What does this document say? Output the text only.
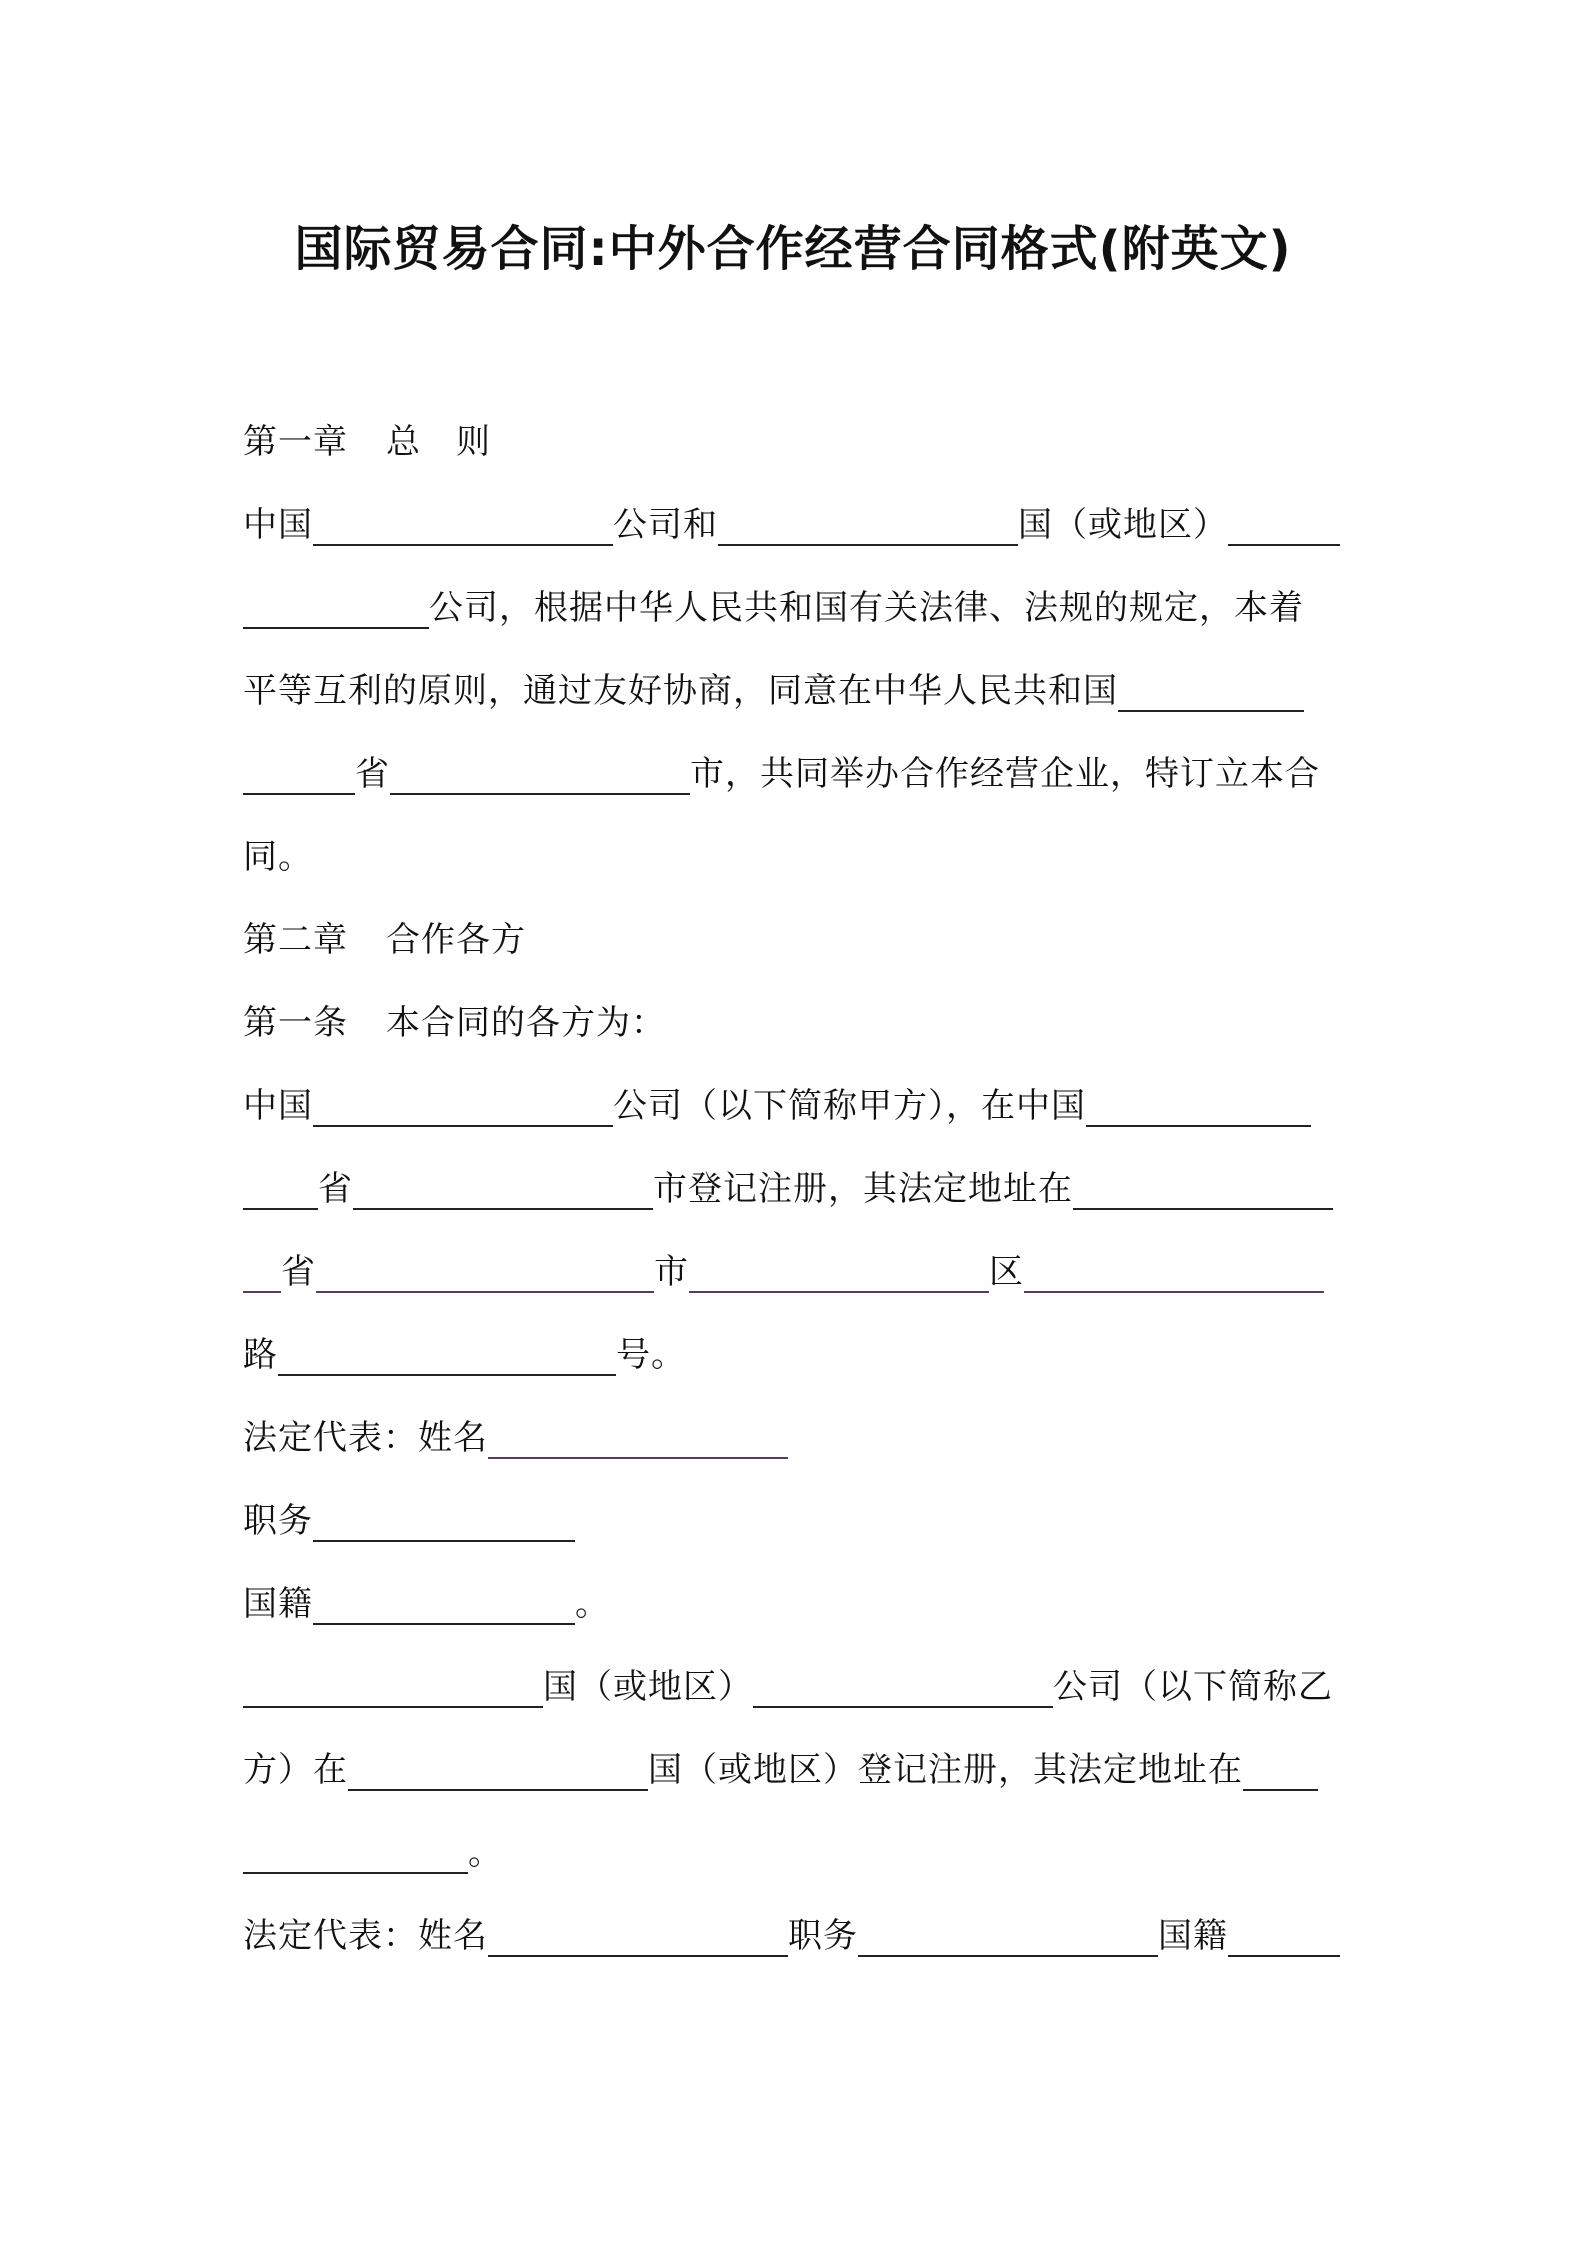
国际贸易合同:中外合作经营合同格式(附英文)
第一章 总　则
中国	公司和	国（或地区）
公司，根据中华人民共和国有关法律、法规的规定，本着
平等互利的原则，通过友好协商，同意在中华人民共和国
省	市，共同举办合作经营企业，特订立本合
同。
第二章 合作各方
第一条 本合同的各方为：
中国	公司（以下简称甲方），在中国
省	市登记注册，其法定地址在
省	市	区
路	号。
法定代表：姓名
职务
国籍	。
国（或地区）	公司（以下简称乙
方）在	国（或地区）登记注册，其法定地址在
。
法定代表：姓名	职务	国籍
